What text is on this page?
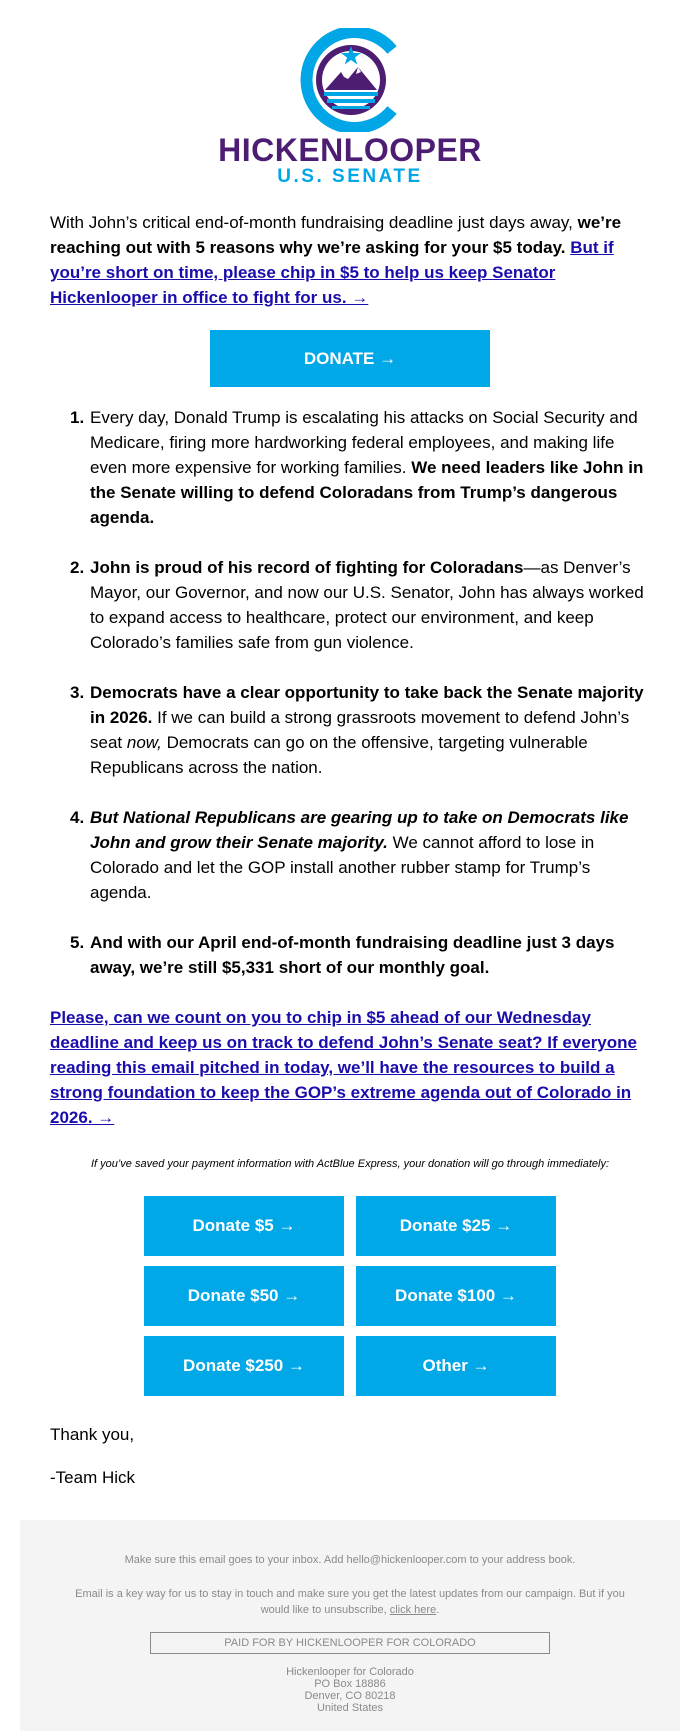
HICKENLOOPER
U.S. SENATE

With John’s critical end-of-month fundraising deadline just days away, we’re reaching out with 5 reasons why we’re asking for your $5 today. But if you’re short on time, please chip in $5 to help us keep Senator Hickenlooper in office to fight for us. →

DONATE →
Every day, Donald Trump is escalating his attacks on Social Security and Medicare, firing more hardworking federal employees, and making life even more expensive for working families. We need leaders like John in the Senate willing to defend Coloradans from Trump’s dangerous agenda.
John is proud of his record of fighting for Coloradans—as Denver’s Mayor, our Governor, and now our U.S. Senator, John has always worked to expand access to healthcare, protect our environment, and keep Colorado’s families safe from gun violence.
Democrats have a clear opportunity to take back the Senate majority in 2026. If we can build a strong grassroots movement to defend John’s seat now, Democrats can go on the offensive, targeting vulnerable Republicans across the nation.
But National Republicans are gearing up to take on Democrats like John and grow their Senate majority. We cannot afford to lose in Colorado and let the GOP install another rubber stamp for Trump’s agenda.
And with our April end-of-month fundraising deadline just 3 days away, we’re still $5,331 short of our monthly goal.

Please, can we count on you to chip in $5 ahead of our Wednesday deadline and keep us on track to defend John’s Senate seat? If everyone reading this email pitched in today, we’ll have the resources to build a strong foundation to keep the GOP’s extreme agenda out of Colorado in 2026. →

If you’ve saved your payment information with ActBlue Express, your donation will go through immediately:

Donate $5 →	Donate $25 →
Donate $50 →	Donate $100 →
Donate $250 →	Other →

Thank you,

-Team Hick

Make sure this email goes to your inbox. Add hello@hickenlooper.com to your address book.

Email is a key way for us to stay in touch and make sure you get the latest updates from our campaign. But if you would like to unsubscribe, click here.

PAID FOR BY HICKENLOOPER FOR COLORADO
Hickenlooper for Colorado
PO Box 18886
Denver, CO 80218
United States
